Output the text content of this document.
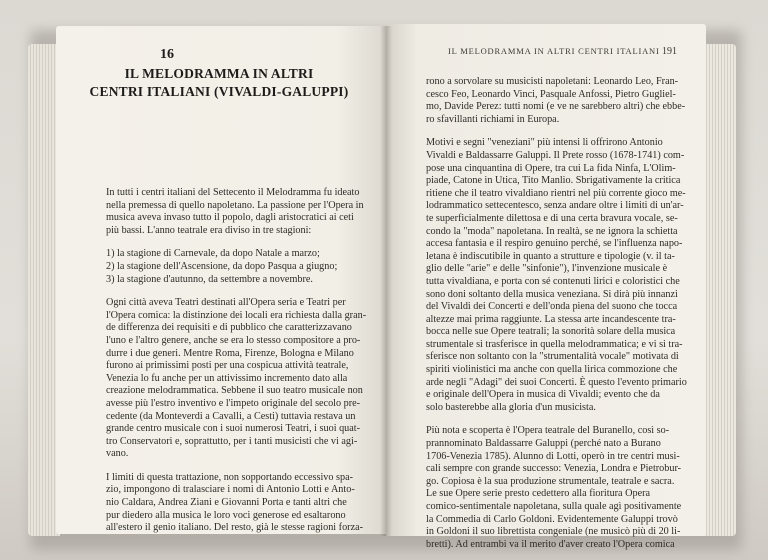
16
IL MELODRAMMA IN ALTRI
CENTRI ITALIANI (VIVALDI-GALUPPI)
IL MELODRAMMA IN ALTRI CENTRI ITALIANI 191
In tutti i centri italiani del Settecento il Melodramma fu ideato
nella premessa di quello napoletano. La passione per l'Opera in
musica aveva invaso tutto il popolo, dagli aristocratici ai ceti
più bassi. L'anno teatrale era diviso in tre stagioni:
1) la stagione di Carnevale, da dopo Natale a marzo;
2) la stagione dell'Ascensione, da dopo Pasqua a giugno;
3) la stagione d'autunno, da settembre a novembre.
Ogni città aveva Teatri destinati all'Opera seria e Teatri per
l'Opera comica: la distinzione dei locali era richiesta dalla gran-
de differenza dei requisiti e di pubblico che caratterizzavano
l'uno e l'altro genere, anche se era lo stesso compositore a pro-
durre i due generi. Mentre Roma, Firenze, Bologna e Milano
furono ai primissimi posti per una cospicua attività teatrale,
Venezia lo fu anche per un attivissimo incremento dato alla
creazione melodrammatica. Sebbene il suo teatro musicale non
avesse più l'estro inventivo e l'impeto originale del secolo pre-
cedente (da Monteverdi a Cavalli, a Cesti) tuttavia restava un
grande centro musicale con i suoi numerosi Teatri, i suoi quat-
tro Conservatori e, soprattutto, per i tanti musicisti che vi agi-
vano.
I limiti di questa trattazione, non sopportando eccessivo spa-
zio, impongono di tralasciare i nomi di Antonio Lotti e Anto-
nio Caldara, Andrea Ziani e Giovanni Porta e tanti altri che
pur diedero alla musica le loro voci generose ed esaltarono
all'estero il genio italiano. Del resto, già le stesse ragioni forza-
rono a sorvolare su musicisti napoletani: Leonardo Leo, Fran-
cesco Feo, Leonardo Vinci, Pasquale Anfossi, Pietro Gugliel-
mo, Davide Perez: tutti nomi (e ve ne sarebbero altri) che ebbe-
ro sfavillanti richiami in Europa.
Motivi e segni "veneziani" più intensi li offrirono Antonio
Vivaldi e Baldassarre Galuppi. Il Prete rosso (1678-1741) com-
pose una cinquantina di Opere, tra cui La fida Ninfa, L'Olim-
piade, Catone in Utica, Tito Manlio. Sbrigativamente la critica
ritiene che il teatro vivaldiano rientri nel più corrente gioco me-
lodrammatico settecentesco, senza andare oltre i limiti di un'ar-
te superficialmente dilettosa e di una certa bravura vocale, se-
condo la "moda" napoletana. In realtà, se ne ignora la schietta
accesa fantasia e il respiro genuino perché, se l'influenza napo-
letana è indiscutibile in quanto a strutture e tipologie (v. il ta-
glio delle "arie" e delle "sinfonie"), l'invenzione musicale è
tutta vivaldiana, e porta con sé contenuti lirici e coloristici che
sono doni soltanto della musica veneziana. Si dirà più innanzi
del Vivaldi dei Concerti e dell'onda piena del suono che tocca
altezze mai prima raggiunte. La stessa arte incandescente tra-
bocca nelle sue Opere teatrali; la sonorità solare della musica
strumentale si trasferisce in quella melodrammatica; e vi si tra-
sferisce non soltanto con la "strumentalità vocale" motivata di
spiriti violinistici ma anche con quella lirica commozione che
arde negli "Adagi" dei suoi Concerti. È questo l'evento primario
e originale dell'Opera in musica di Vivaldi; evento che da
solo basterebbe alla gloria d'un musicista.
Più nota e scoperta è l'Opera teatrale del Buranello, così so-
prannominato Baldassarre Galuppi (perché nato a Burano
1706-Venezia 1785). Alunno di Lotti, operò in tre centri musi-
cali sempre con grande successo: Venezia, Londra e Pietrobur-
go. Copiosa è la sua produzione strumentale, teatrale e sacra.
Le sue Opere serie presto cedettero alla fioritura Opera
comico-sentimentale napoletana, sulla quale agì positivamente
la Commedia di Carlo Goldoni. Evidentemente Galuppi trovò
in Goldoni il suo librettista congeniale (ne musicò più di 20 li-
bretti). Ad entrambi va il merito d'aver creato l'Opera comica
